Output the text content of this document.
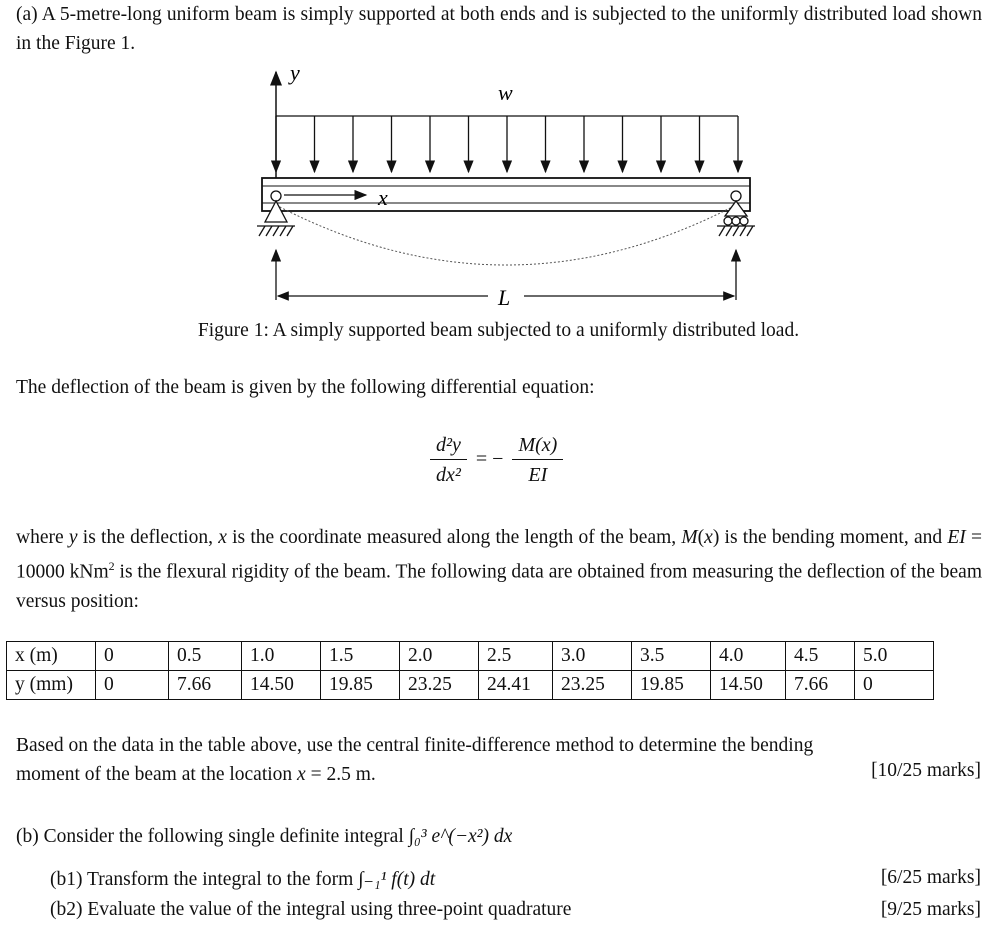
(a) A 5-metre-long uniform beam is simply supported at both ends and is subjected to the uniformly distributed load shown in the Figure 1.
y
w
x
L
Figure 1: A simply supported beam subjected to a uniformly distributed load.
The deflection of the beam is given by the following differential equation:
$\frac{\text{d²y}}{\text{dx²}}$ = − $\frac{M(x)}{EI}$
where y is the deflection, x is the coordinate measured along the length of the beam, M(x) is the bending moment, and EI = 10000 kNm$^2$ is the flexural rigidity of the beam. The following data are obtained from measuring the deflection of the beam versus position:
x (m)	0	0.5	1.0	1.5	2.0	2.5	3.0	3.5	4.0	4.5	5.0
y (mm)	0	7.66	14.50	19.85	23.25	24.41	23.25	19.85	14.50	7.66	0
Based on the data in the table above, use the central finite-difference method to determine the bending moment of the beam at the location x = 2.5 m.	[10/25 marks]
(b) Consider the following single definite integral ∫₀³ e^(−x²) dx
(b1) Transform the integral to the form ∫₋₁¹ f(t) dt	[6/25 marks]
(b2) Evaluate the value of the integral using three-point quadrature	[9/25 marks]
